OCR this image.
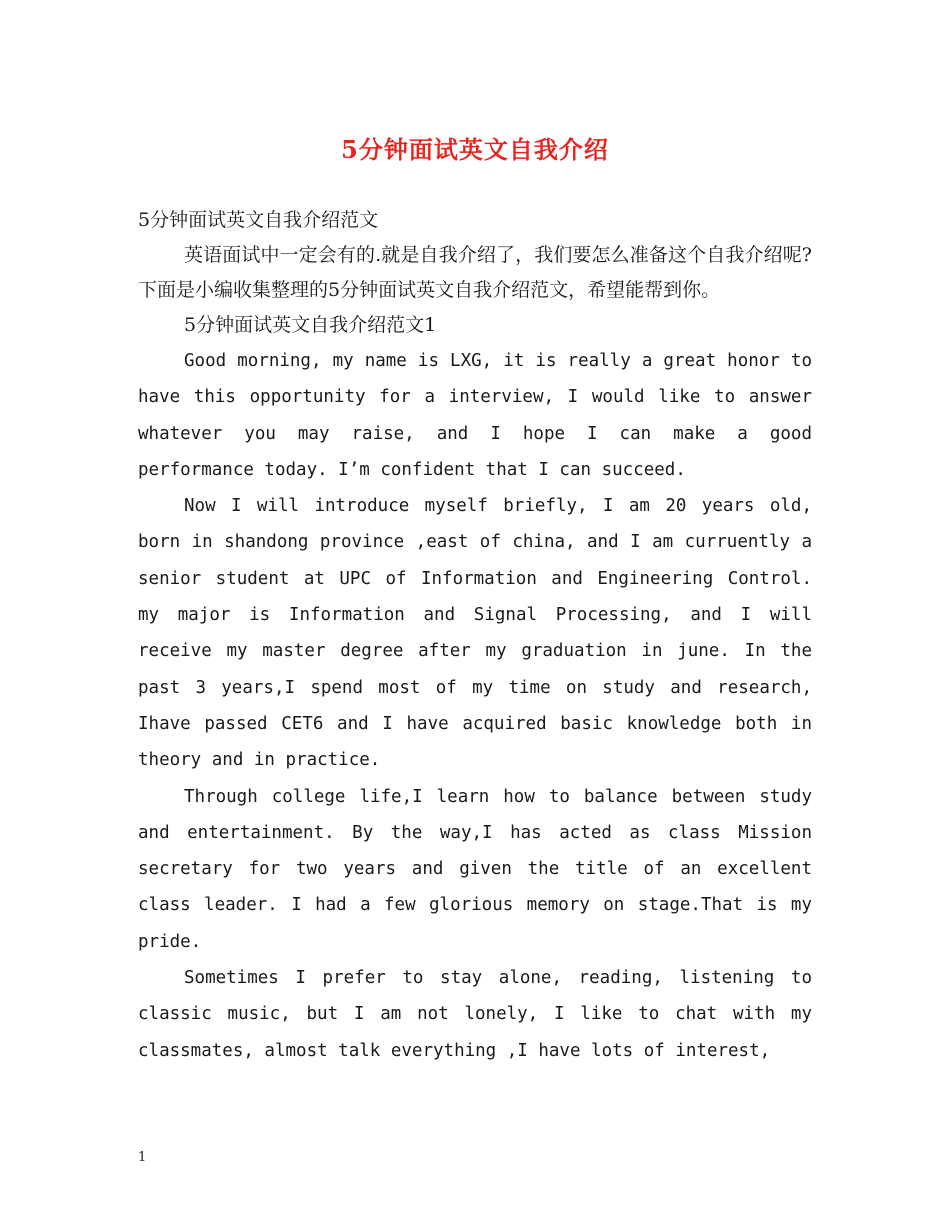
5分钟面试英文自我介绍

5分钟面试英文自我介绍范文

英语面试中一定会有的.就是自我介绍了，我们要怎么准备这个自我介绍呢?下面是小编收集整理的5分钟面试英文自我介绍范文，希望能帮到你。

5分钟面试英文自我介绍范文1

Good morning, my name is LXG, it is really a great honor to have this opportunity for a interview, I would like to answer whatever you may raise, and I hope I can make a good performance today. I’m confident that I can succeed.

Now I will introduce myself briefly, I am 20 years old, born in shandong province ,east of china, and I am curruently a senior student at UPC of Information and Engineering Control. my major is Information and Signal Processing, and I will receive my master degree after my graduation in june. In the past 3 years,I spend most of my time on study and research, Ihave passed CET6 and I have acquired basic knowledge both in theory and in practice.

Through college life,I learn how to balance between study and entertainment. By the way,I has acted as class Mission secretary for two years and given the title of an excellent class leader. I had a few glorious memory on stage.That is my pride.

Sometimes I prefer to stay alone, reading, listening to classic music, but I am not lonely, I like to chat with my classmates, almost talk everything ,I have lots of interest,

1
